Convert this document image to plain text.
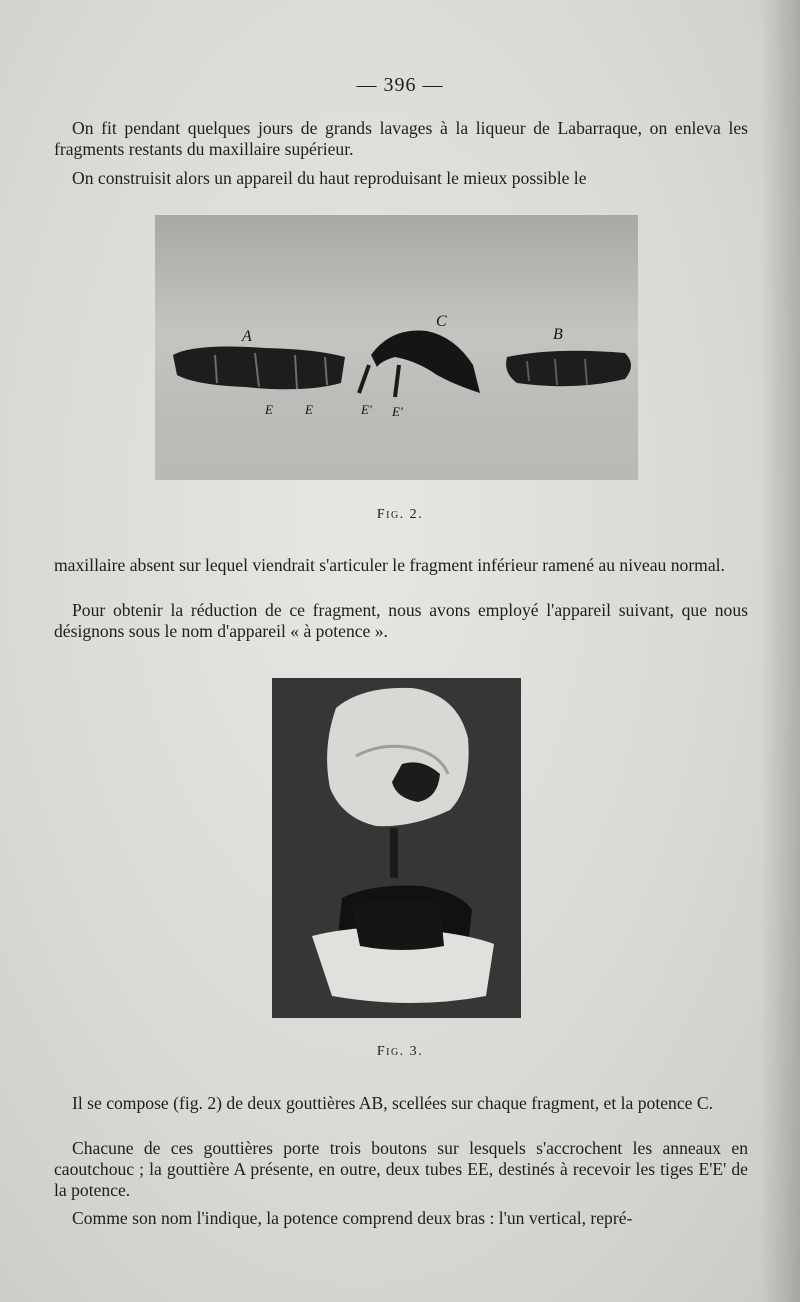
— 396 —

On fit pendant quelques jours de grands lavages à la liqueur de Labarraque, on enleva les fragments restants du maxillaire supérieur.

On construisit alors un appareil du haut reproduisant le mieux possible le

A
C
B
E E	E' E'
Fig. 2.

maxillaire absent sur lequel viendrait s'articuler le fragment inférieur ramené au niveau normal.

Pour obtenir la réduction de ce fragment, nous avons employé l'appareil suivant, que nous désignons sous le nom d'appareil « à potence ».

Fig. 3.

Il se compose (fig. 2) de deux gouttières AB, scellées sur chaque fragment, et la potence C.

Chacune de ces gouttières porte trois boutons sur lesquels s'accrochent les anneaux en caoutchouc ; la gouttière A présente, en outre, deux tubes EE, destinés à recevoir les tiges E'E' de la potence.

Comme son nom l'indique, la potence comprend deux bras : l'un vertical, repré-
